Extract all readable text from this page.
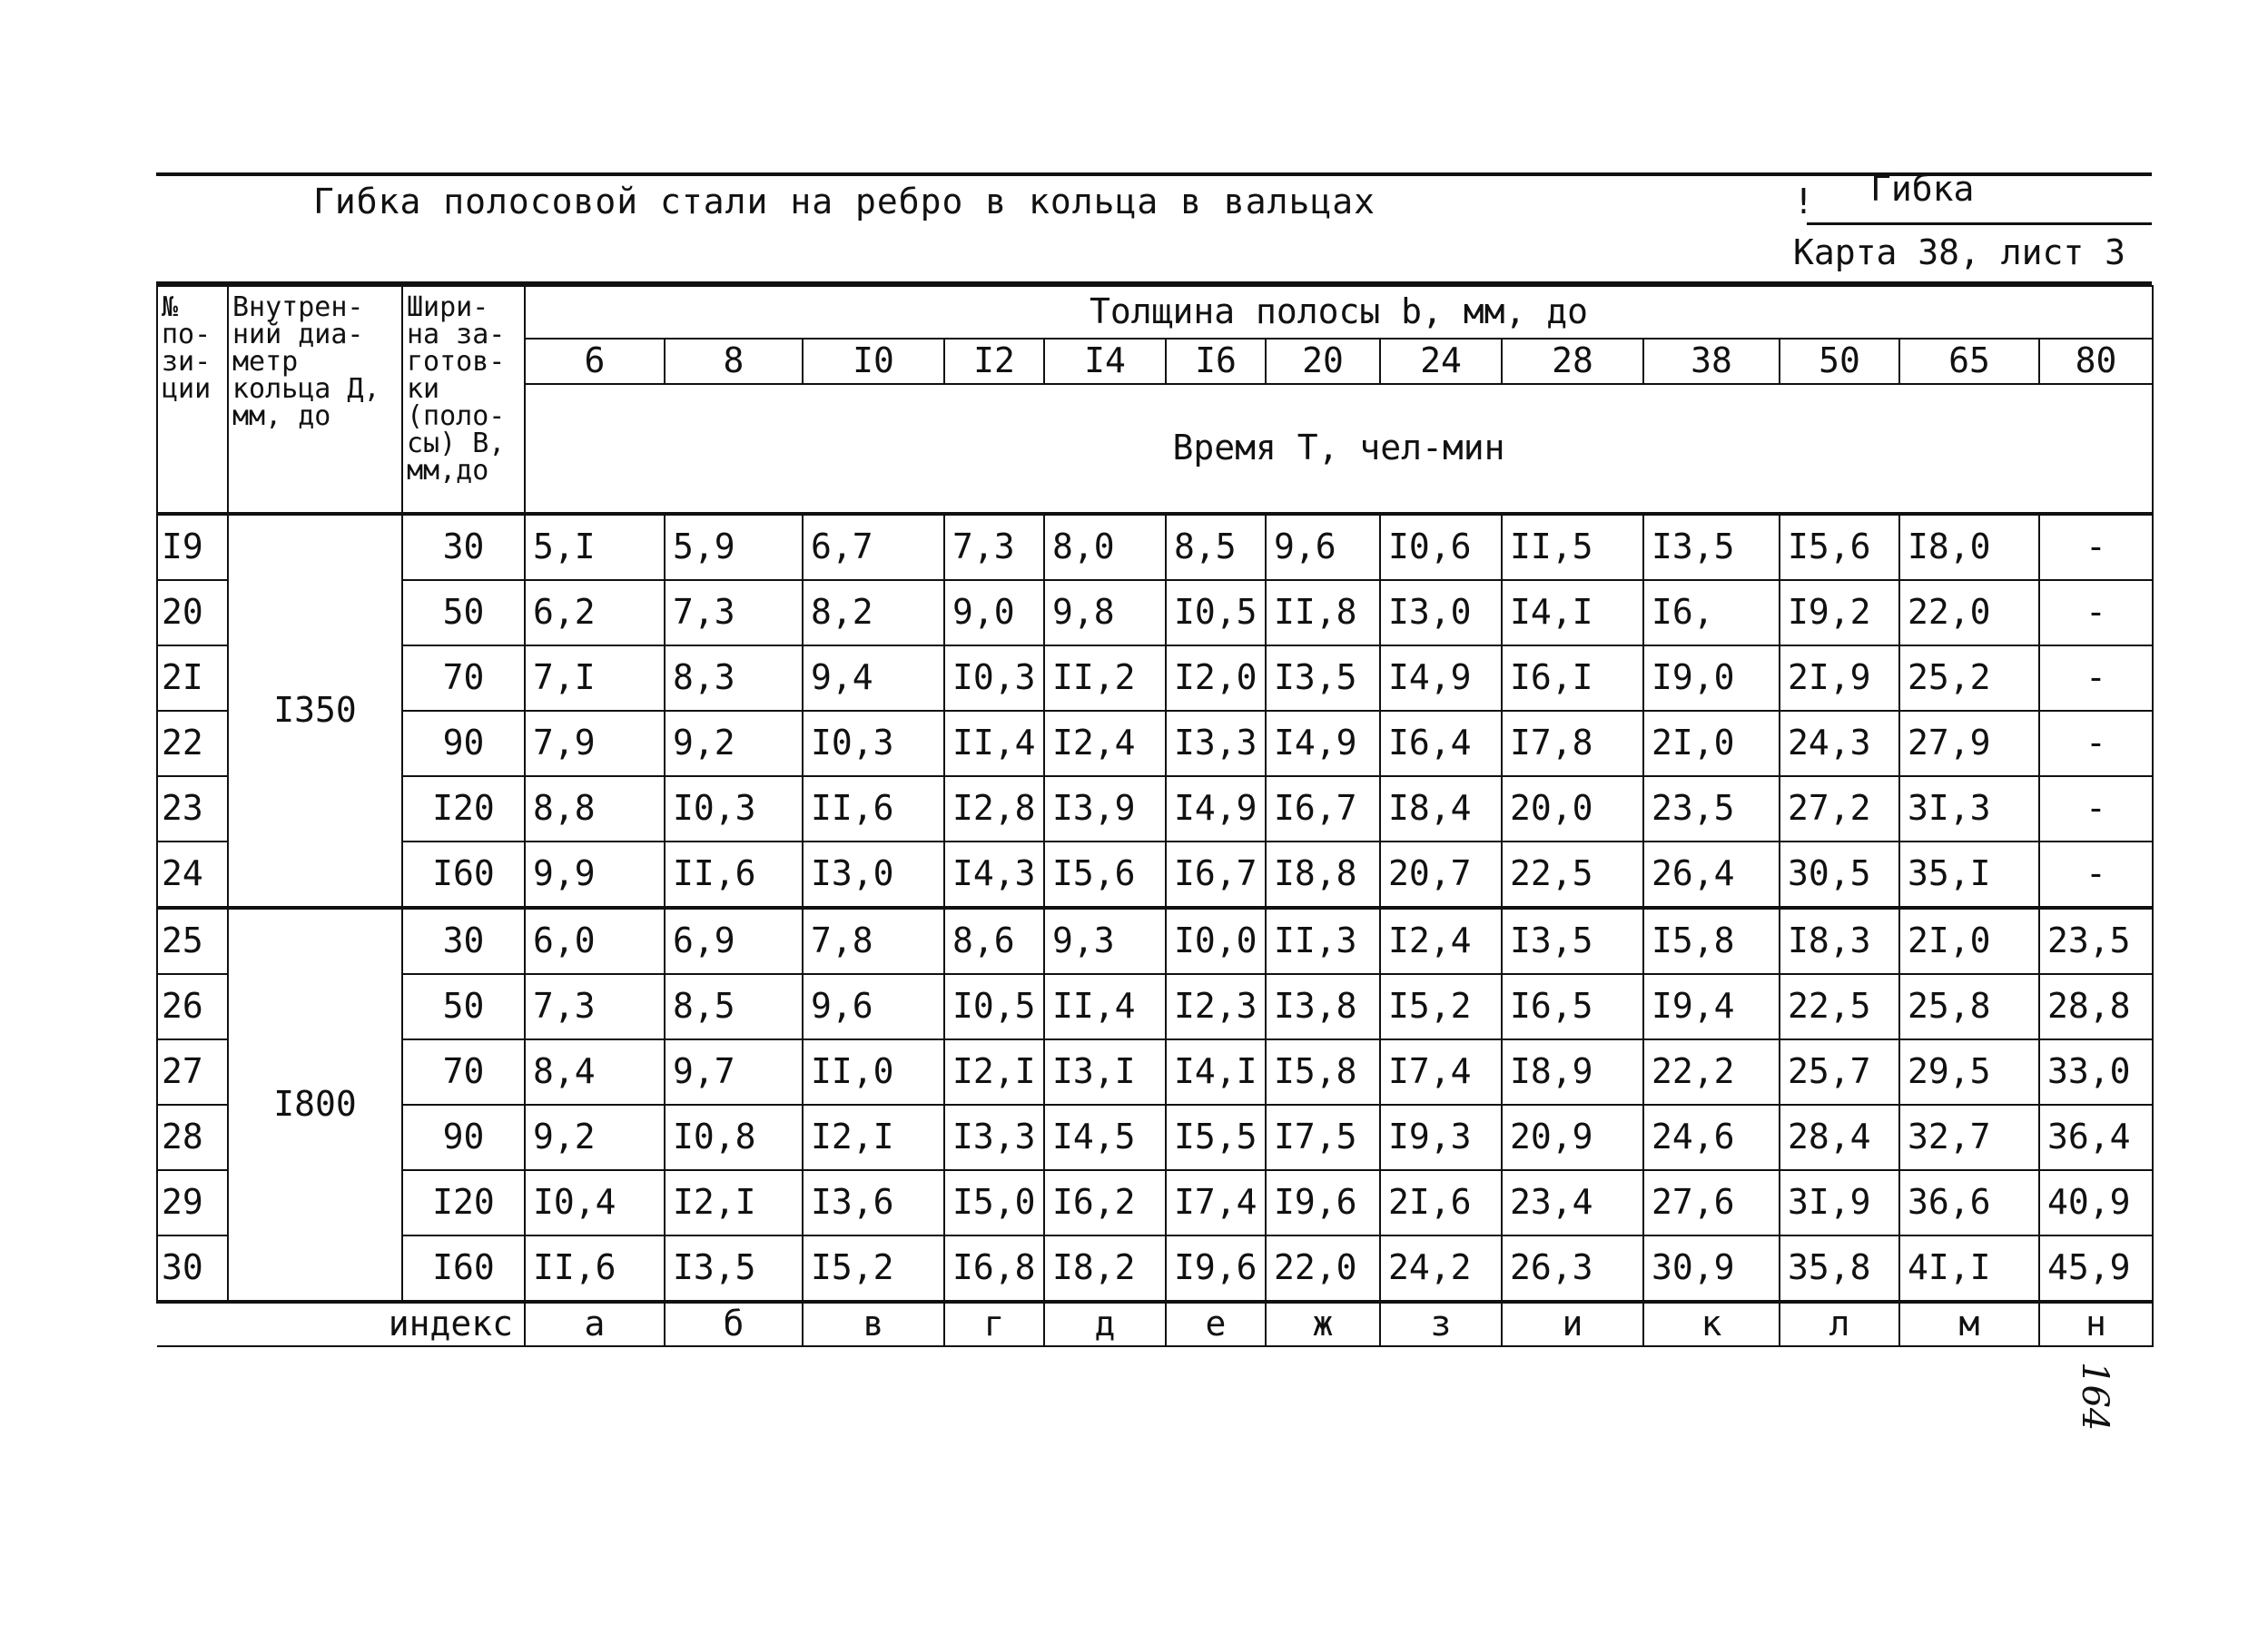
Гибка полосовой стали на ребро в кольца в вальцах	! Гибка
Карта 38, лист 3
№ по-зи-ции	Внутрен-ний диа-метр кольца Д, мм, до	Шири-на за-готов-ки (поло-сы) В, мм,до	Толщина полосы b, мм, до												
			6	8	I0	I2	I4	I6	20	24	28	38	50	65	80
			Время Т, чел-мин												
I9	I350	30	5,I	5,9	6,7	7,3	8,0	8,5	9,6	I0,6	II,5	I3,5	I5,6	I8,0	-
20		50	6,2	7,3	8,2	9,0	9,8	I0,5	II,8	I3,0	I4,I	I6,	I9,2	22,0	-
2I		70	7,I	8,3	9,4	I0,3	II,2	I2,0	I3,5	I4,9	I6,I	I9,0	2I,9	25,2	-
22		90	7,9	9,2	I0,3	II,4	I2,4	I3,3	I4,9	I6,4	I7,8	2I,0	24,3	27,9	-
23		I20	8,8	I0,3	II,6	I2,8	I3,9	I4,9	I6,7	I8,4	20,0	23,5	27,2	3I,3	-
24		I60	9,9	II,6	I3,0	I4,3	I5,6	I6,7	I8,8	20,7	22,5	26,4	30,5	35,I	-
25	I800	30	6,0	6,9	7,8	8,6	9,3	I0,0	II,3	I2,4	I3,5	I5,8	I8,3	2I,0	23,5
26		50	7,3	8,5	9,6	I0,5	II,4	I2,3	I3,8	I5,2	I6,5	I9,4	22,5	25,8	28,8
27		70	8,4	9,7	II,0	I2,I	I3,I	I4,I	I5,8	I7,4	I8,9	22,2	25,7	29,5	33,0
28		90	9,2	I0,8	I2,I	I3,3	I4,5	I5,5	I7,5	I9,3	20,9	24,6	28,4	32,7	36,4
29		I20	I0,4	I2,I	I3,6	I5,0	I6,2	I7,4	I9,6	2I,6	23,4	27,6	3I,9	36,6	40,9
30		I60	II,6	I3,5	I5,2	I6,8	I8,2	I9,6	22,0	24,2	26,3	30,9	35,8	4I,I	45,9
индекс			а	б	в	г	д	е	ж	з	и	к	л	м	н
164
